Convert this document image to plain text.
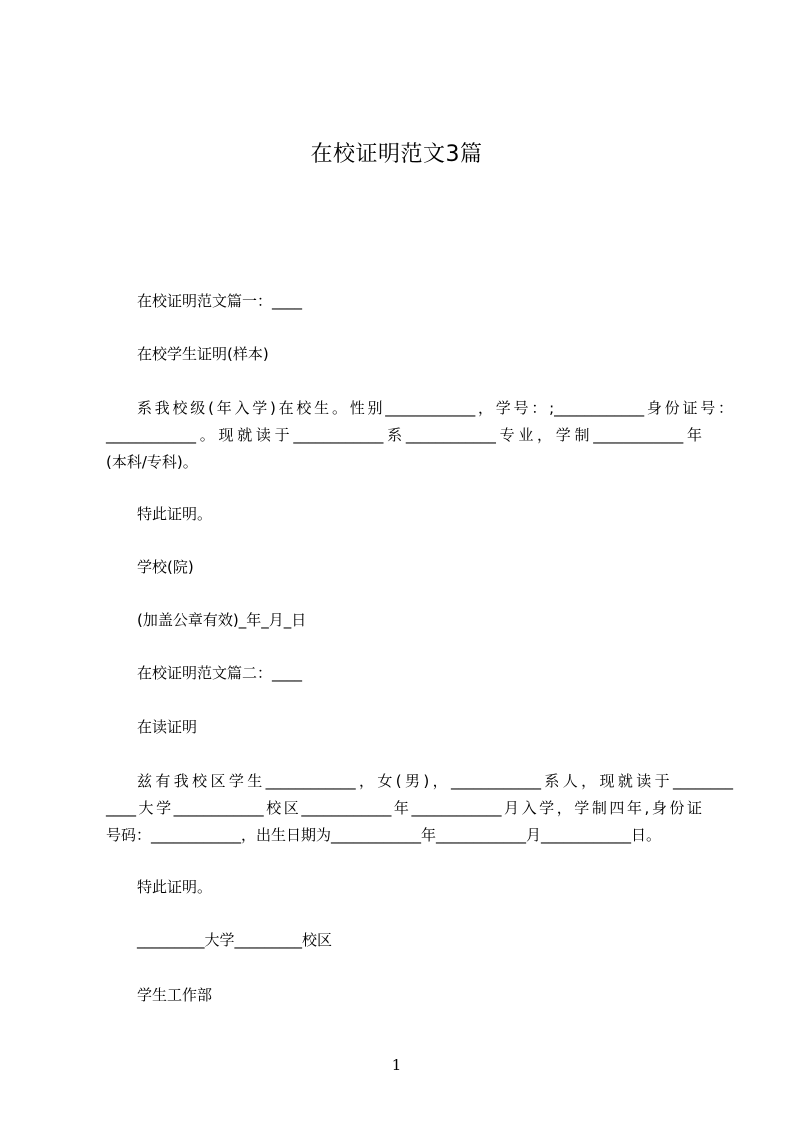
在校证明范文3篇
在校证明范文篇一：____
在校学生证明(样本)
系我校级(年入学)在校生。性别____________，学号：;____________身份证号：
____________。现就读于____________系____________专业，学制____________年
(本科/专科)。
特此证明。
学校(院)
(加盖公章有效)_年_月_日
在校证明范文篇二：____
在读证明
兹有我校区学生____________，女(男)，____________系人，现就读于________
____大学____________校区____________年____________月入学，学制四年,身份证
号码：____________，出生日期为____________年____________月____________日。
特此证明。
_________大学_________校区
学生工作部
1
